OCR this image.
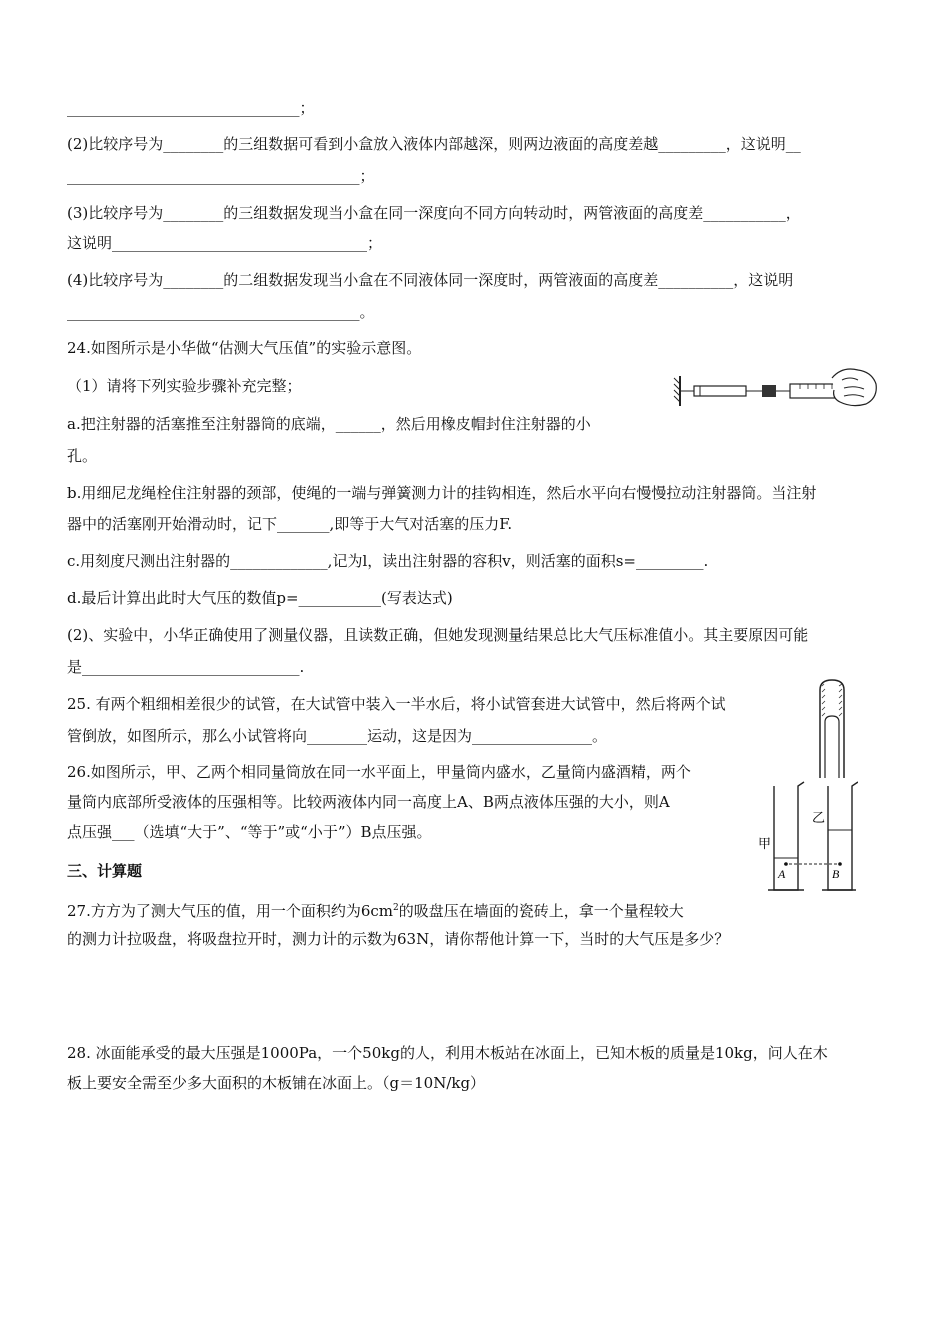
_______________________________；
(2)比较序号为________的三组数据可看到小盒放入液体内部越深，则两边液面的高度差越_________，这说明__
_______________________________________；
(3)比较序号为________的三组数据发现当小盒在同一深度向不同方向转动时，两管液面的高度差___________，
这说明__________________________________；
(4)比较序号为________的二组数据发现当小盒在不同液体同一深度时，两管液面的高度差__________，这说明
_______________________________________。
24.如图所示是小华做“估测大气压值”的实验示意图。
（1）请将下列实验步骤补充完整；
a.把注射器的活塞推至注射器筒的底端，______，然后用橡皮帽封住注射器的小
孔。
b.用细尼龙绳栓住注射器的颈部，使绳的一端与弹簧测力计的挂钩相连，然后水平向右慢慢拉动注射器筒。当注射
器中的活塞刚开始滑动时，记下_______,即等于大气对活塞的压力F.
c.用刻度尺测出注射器的_____________,记为l，读出注射器的容积v，则活塞的面积s=_________.
d.最后计算出此时大气压的数值p=___________(写表达式)
(2)、实验中，小华正确使用了测量仪器，且读数正确，但她发现测量结果总比大气压标准值小。其主要原因可能
是_____________________________.
25. 有两个粗细相差很少的试管，在大试管中装入一半水后，将小试管套进大试管中，然后将两个试
管倒放，如图所示，那么小试管将向________运动，这是因为________________。
26.如图所示，甲、乙两个相同量筒放在同一水平面上，甲量筒内盛水，乙量筒内盛酒精，两个
量筒内底部所受液体的压强相等。比较两液体内同一高度上A、B两点液体压强的大小，则A
点压强___（选填“大于”、“等于”或“小于”）B点压强。
三、计算题
27.方方为了测大气压的值，用一个面积约为$6cm^2$的吸盘压在墙面的瓷砖上，拿一个量程较大
的测力计拉吸盘，将吸盘拉开时，测力计的示数为63N，请你帮他计算一下，当时的大气压是多少？
28. 冰面能承受的最大压强是1000Pa，一个50kg的人，利用木板站在冰面上，已知木板的质量是10kg，问人在木
板上要安全需至少多大面积的木板铺在冰面上。（g＝10N/kg）
甲
乙
A	B
